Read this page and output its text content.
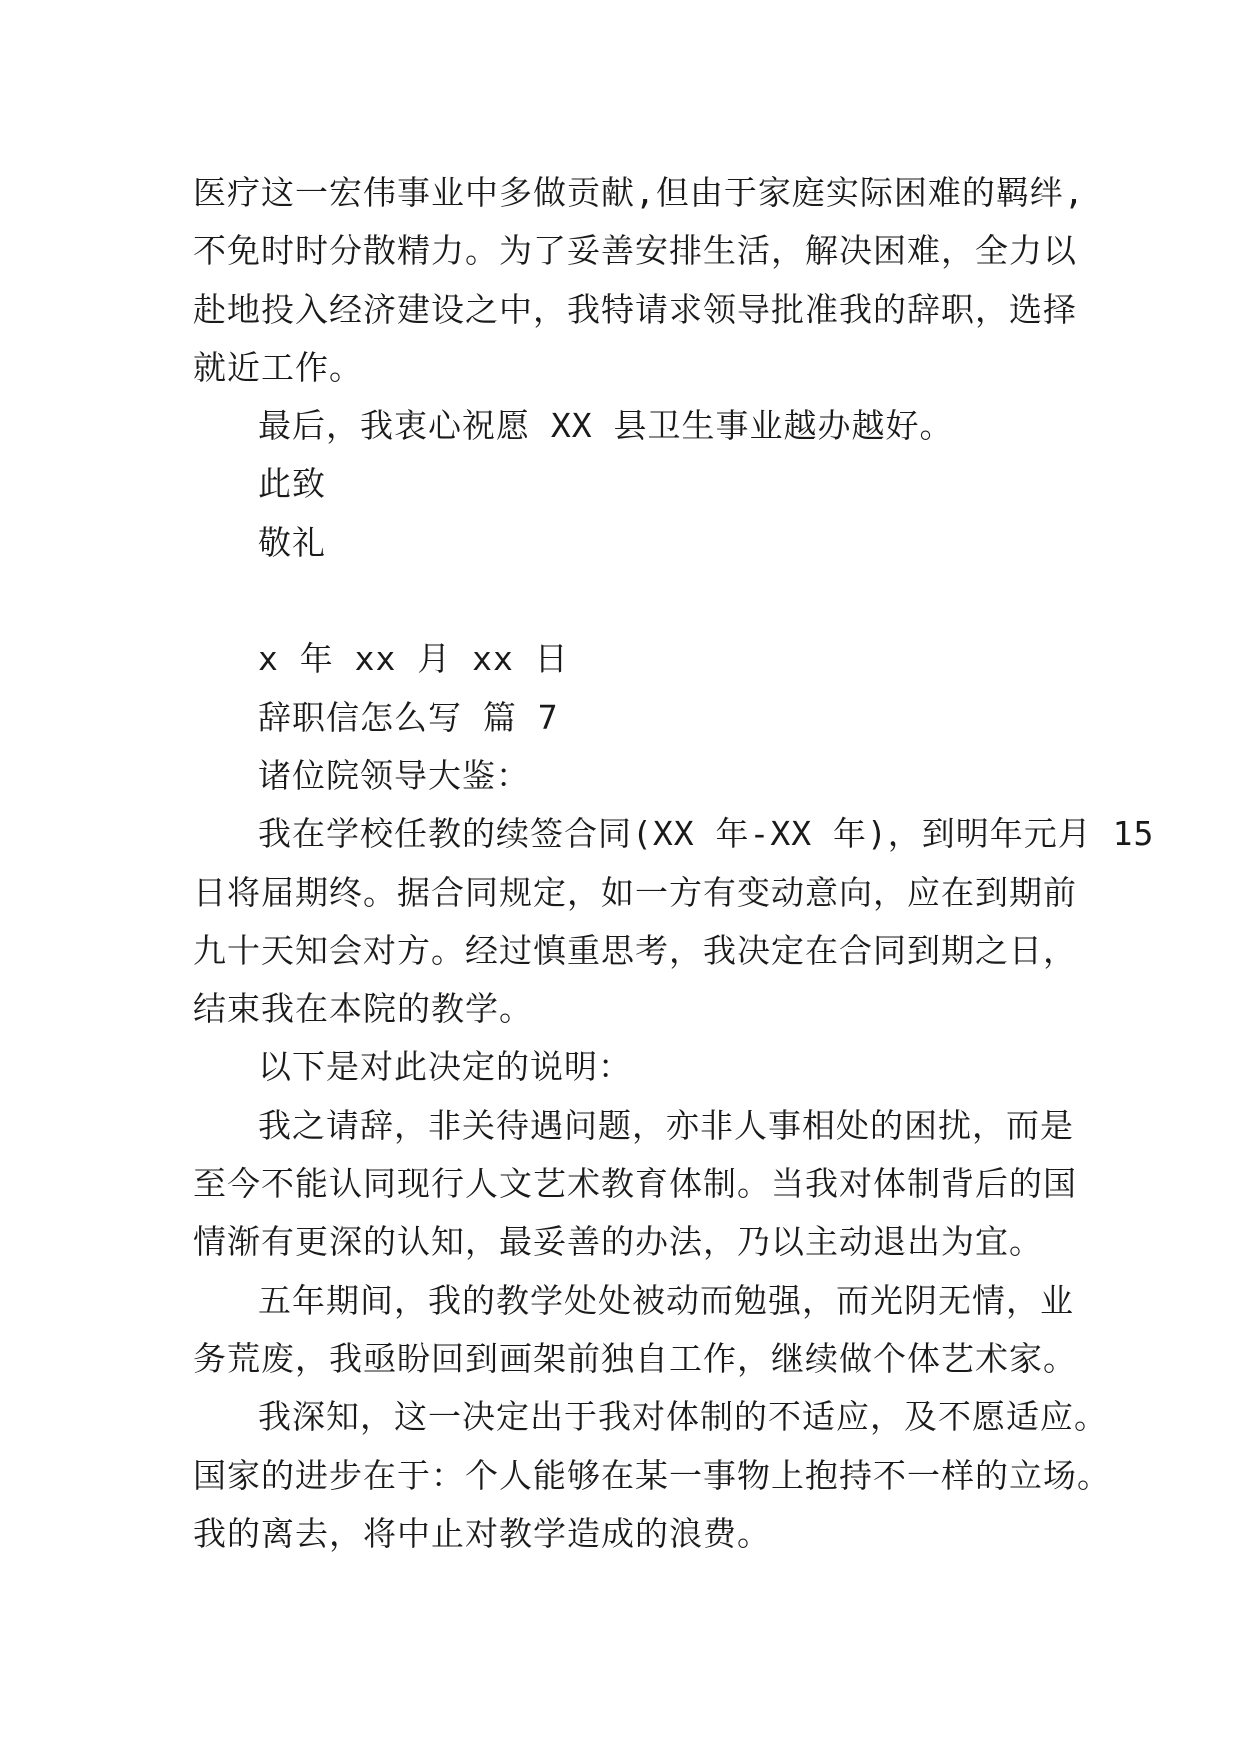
医疗这一宏伟事业中多做贡献,但由于家庭实际困难的羁绊,
不免时时分散精力。为了妥善安排生活，解决困难，全力以
赴地投入经济建设之中，我特请求领导批准我的辞职，选择
就近工作。
最后，我衷心祝愿 XX 县卫生事业越办越好。
此致
敬礼
x 年 xx 月 xx 日
辞职信怎么写 篇 7
诸位院领导大鉴：
我在学校任教的续签合同(XX 年-XX 年)，到明年元月 15
日将届期终。据合同规定，如一方有变动意向，应在到期前
九十天知会对方。经过慎重思考，我决定在合同到期之日，
结束我在本院的教学。
以下是对此决定的说明：
我之请辞，非关待遇问题，亦非人事相处的困扰，而是
至今不能认同现行人文艺术教育体制。当我对体制背后的国
情渐有更深的认知，最妥善的办法，乃以主动退出为宜。
五年期间，我的教学处处被动而勉强，而光阴无情，业
务荒废，我亟盼回到画架前独自工作，继续做个体艺术家。
我深知，这一决定出于我对体制的不适应，及不愿适应。
国家的进步在于：个人能够在某一事物上抱持不一样的立场。
我的离去，将中止对教学造成的浪费。
